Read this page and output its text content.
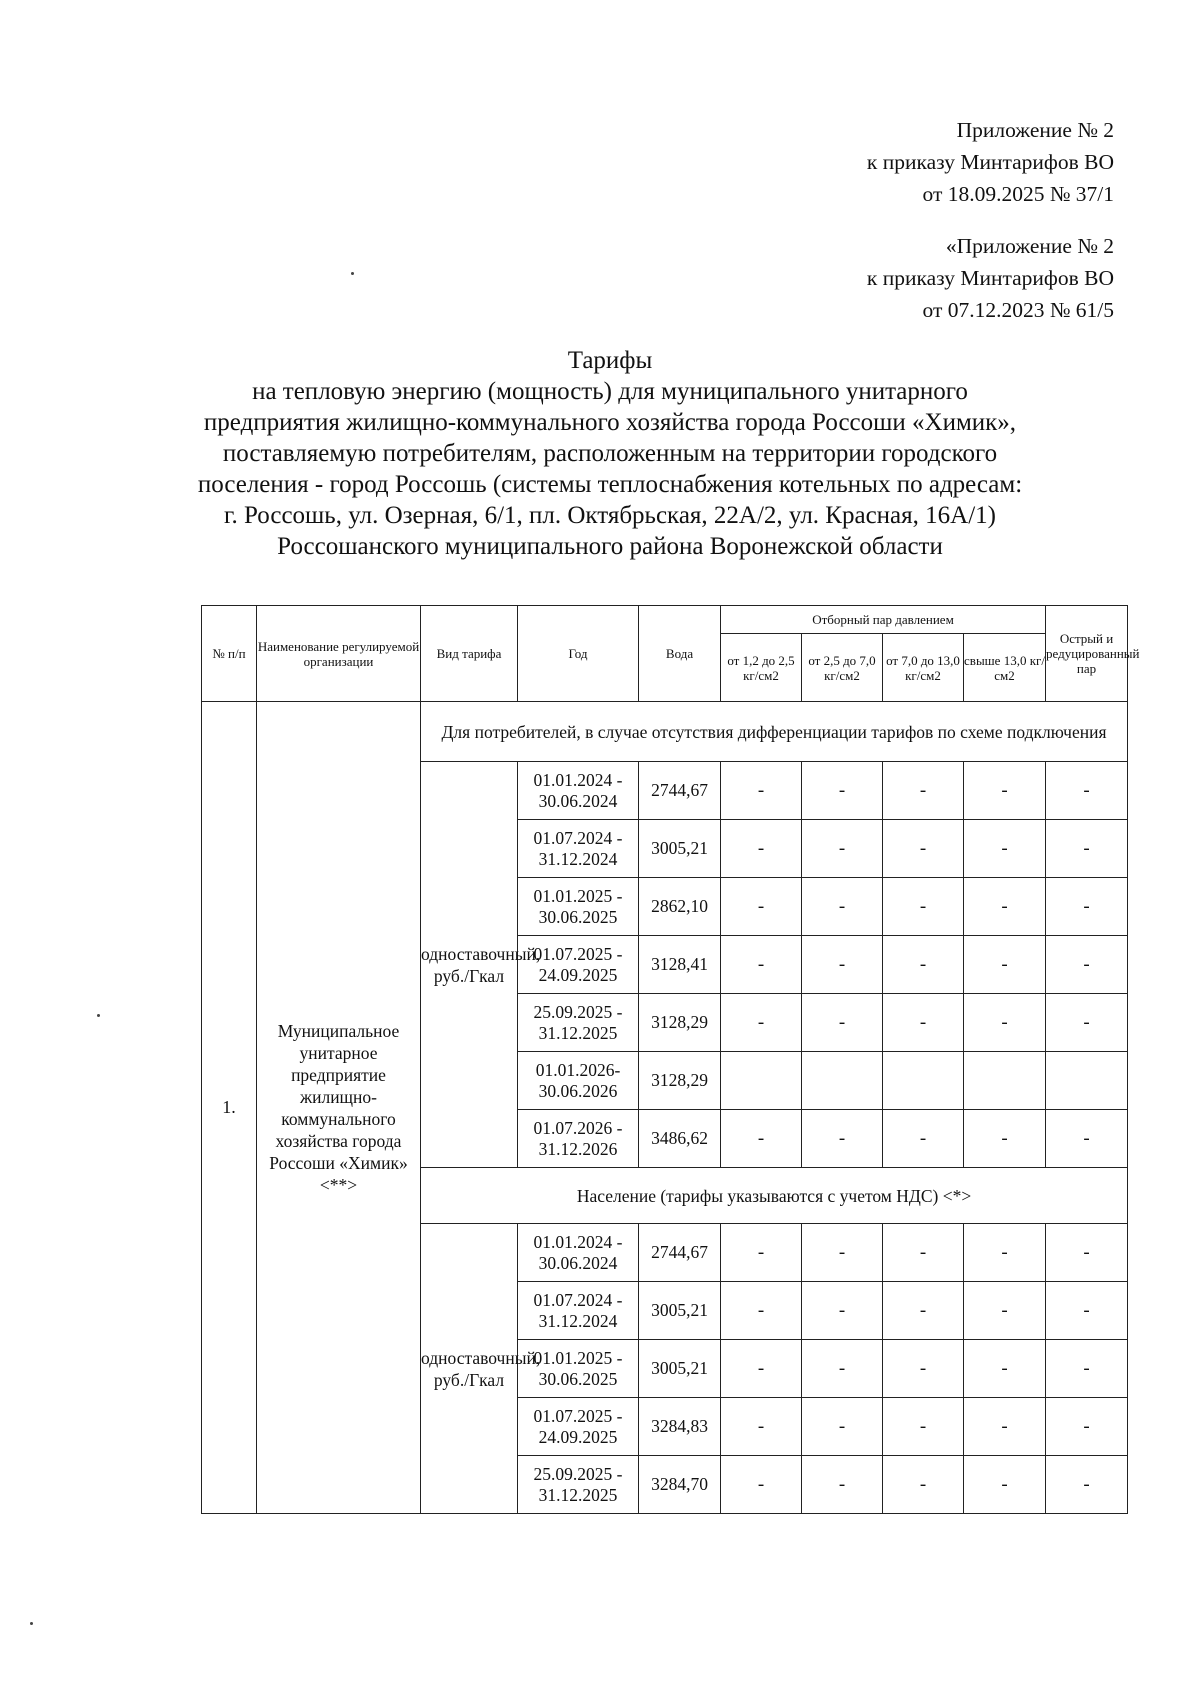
Приложение № 2
к приказу Минтарифов ВО
от 18.09.2025 № 37/1
«Приложение № 2
к приказу Минтарифов ВО
от 07.12.2023 № 61/5
Тарифы
на тепловую энергию (мощность) для муниципального унитарного
предприятия жилищно-коммунального хозяйства города Россоши «Химик»,
поставляемую потребителям, расположенным на территории городского
поселения - город Россошь (системы теплоснабжения котельных по адресам:
г. Россошь, ул. Озерная, 6/1, пл. Октябрьская, 22А/2, ул. Красная, 16А/1)
Россошанского муниципального района Воронежской области
№ п/п	Наименование регулируемой организации	Вид тарифа	Год	Вода	Отборный пар давлением				Острый и редуцированный пар
					от 1,2 до 2,5 кг/см2	от 2,5 до 7,0 кг/см2	от 7,0 до 13,0 кг/см2	свыше 13,0 кг/см2	
1.	Муниципальное унитарное предприятие жилищно-коммунального хозяйства города Россоши «Химик» <**>	Для потребителей, в случае отсутствия дифференциации тарифов по схеме подключения							
		одноставочный, руб./Гкал	01.01.2024 - 30.06.2024	2744,67	-	-	-	-	-
			01.07.2024 - 31.12.2024	3005,21	-	-	-	-	-
			01.01.2025 - 30.06.2025	2862,10	-	-	-	-	-
			01.07.2025 - 24.09.2025	3128,41	-	-	-	-	-
			25.09.2025 - 31.12.2025	3128,29	-	-	-	-	-
			01.01.2026- 30.06.2026	3128,29					
			01.07.2026 - 31.12.2026	3486,62	-	-	-	-	-
		Население (тарифы указываются с учетом НДС) <*>							
		одноставочный, руб./Гкал	01.01.2024 - 30.06.2024	2744,67	-	-	-	-	-
			01.07.2024 - 31.12.2024	3005,21	-	-	-	-	-
			01.01.2025 - 30.06.2025	3005,21	-	-	-	-	-
			01.07.2025 - 24.09.2025	3284,83	-	-	-	-	-
			25.09.2025 - 31.12.2025	3284,70	-	-	-	-	-
